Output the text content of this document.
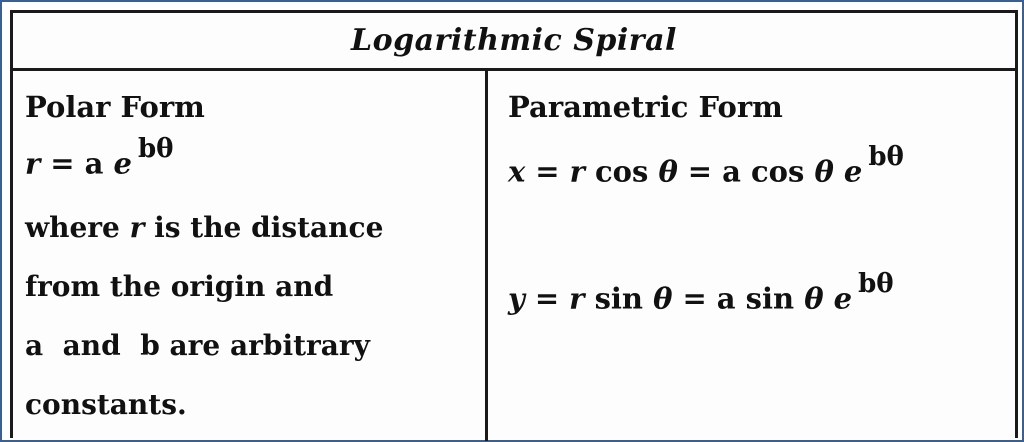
Logarithmic Spiral
Polar Form
r = a e $^{b\theta}$
where r is the distance
from the origin and
a  and  b are arbitrary
constants.
Parametric Form
x = r cos θ = a cos θ e $^{b\theta}$
y = r sin θ = a sin θ e $^{b\theta}$
